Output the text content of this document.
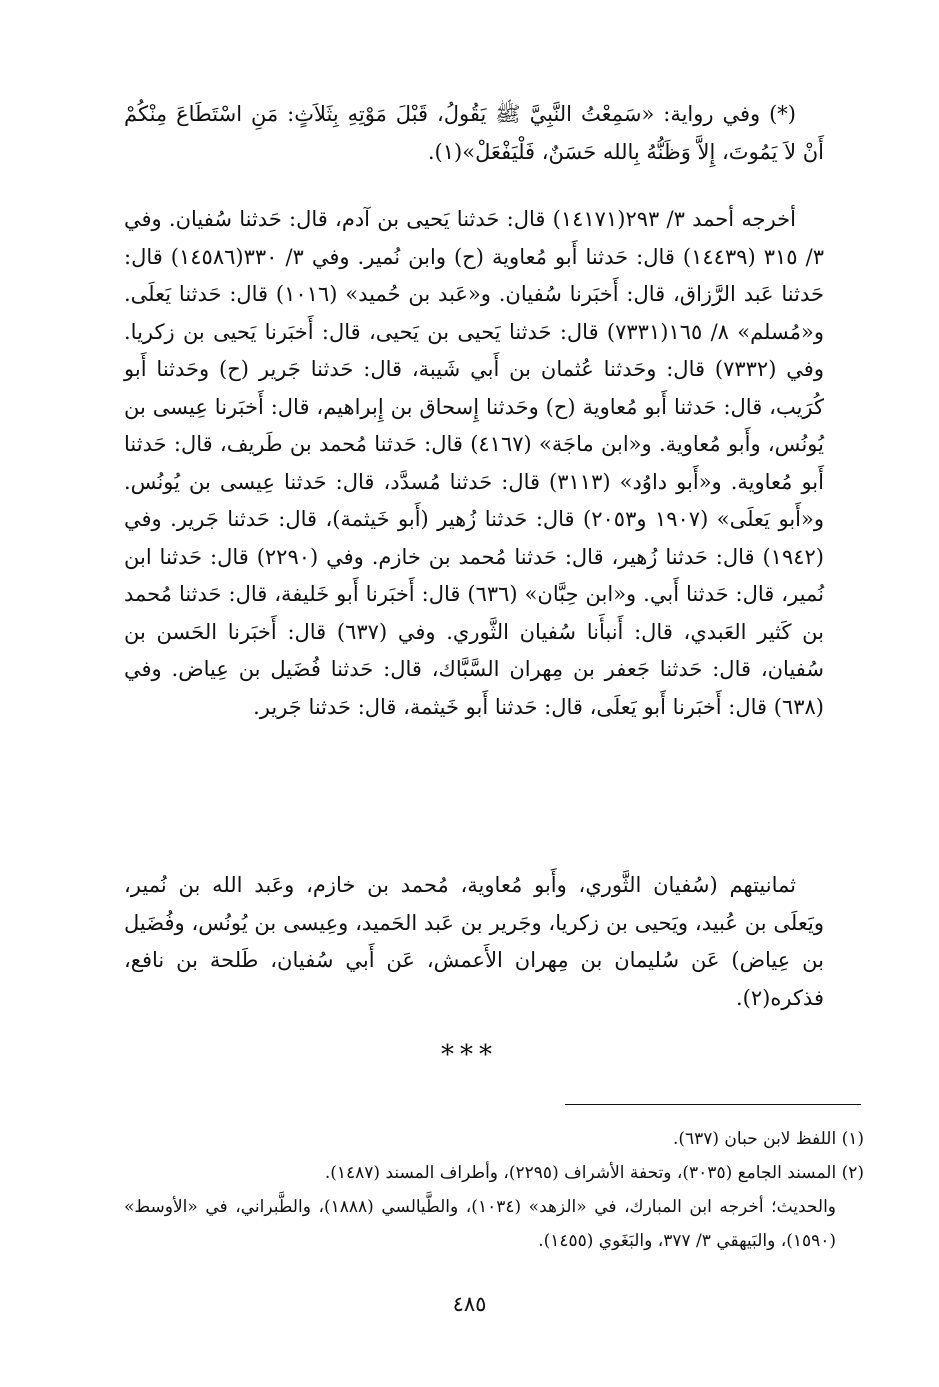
(*) وفي رواية: «سَمِعْتُ النَّبِيَّ ﷺ يَقُولُ، قَبْلَ مَوْتِهِ بِثَلاَثٍ: مَنِ اسْتَطَاعَ مِنْكُمْ أَنْ لاَ يَمُوتَ، إِلاَّ وَظَنُّهُ بِالله حَسَنٌ، فَلْيَفْعَلْ»(١).

أخرجه أحمد ٣/ ٢٩٣(١٤١٧١) قال: حَدثنا يَحيى بن آدم، قال: حَدثنا سُفيان. وفي ٣/ ٣١٥ (١٤٤٣٩) قال: حَدثنا أَبو مُعاوية (ح) وابن نُمير. وفي ٣/ ٣٣٠(١٤٥٨٦) قال: حَدثنا عَبد الرَّزاق، قال: أَخبَرنا سُفيان. و«عَبد بن حُميد» (١٠١٦) قال: حَدثنا يَعلَى. و«مُسلم» ٨/ ١٦٥(٧٣٣١) قال: حَدثنا يَحيى بن يَحيى، قال: أَخبَرنا يَحيى بن زكريا. وفي (٧٣٣٢) قال: وحَدثنا عُثمان بن أَبي شَيبة، قال: حَدثنا جَرير (ح) وحَدثنا أَبو كُرَيب، قال: حَدثنا أَبو مُعاوية (ح) وحَدثنا إِسحاق بن إِبراهيم، قال: أَخبَرنا عِيسى بن يُونُس، وأَبو مُعاوية. و«ابن ماجَة» (٤١٦٧) قال: حَدثنا مُحمد بن طَريف، قال: حَدثنا أَبو مُعاوية. و«أَبو داوُد» (٣١١٣) قال: حَدثنا مُسدَّد، قال: حَدثنا عِيسى بن يُونُس. و«أَبو يَعلَى» (١٩٠٧ و٢٠٥٣) قال: حَدثنا زُهير (أَبو خَيثمة)، قال: حَدثنا جَرير. وفي (١٩٤٢) قال: حَدثنا زُهير، قال: حَدثنا مُحمد بن خازم. وفي (٢٢٩٠) قال: حَدثنا ابن نُمير، قال: حَدثنا أَبي. و«ابن حِبَّان» (٦٣٦) قال: أَخبَرنا أَبو خَليفة، قال: حَدثنا مُحمد بن كَثير العَبدي، قال: أَنبأَنا سُفيان الثَّوري. وفي (٦٣٧) قال: أَخبَرنا الحَسن بن سُفيان، قال: حَدثنا جَعفر بن مِهران السَّبَّاك، قال: حَدثنا فُضَيل بن عِياض. وفي (٦٣٨) قال: أَخبَرنا أَبو يَعلَى، قال: حَدثنا أَبو خَيثمة، قال: حَدثنا جَرير.

ثمانيتهم (سُفيان الثَّوري، وأَبو مُعاوية، مُحمد بن خازم، وعَبد الله بن نُمير، ويَعلَى بن عُبيد، ويَحيى بن زكريا، وجَرير بن عَبد الحَميد، وعِيسى بن يُونُس، وفُضَيل بن عِياض) عَن سُليمان بن مِهران الأَعمش، عَن أَبي سُفيان، طَلحة بن نافع، فذكره(٢).

***

(١) اللفظ لابن حبان (٦٣٧).

(٢) المسند الجامع (٣٠٣٥)، وتحفة الأشراف (٢٢٩٥)، وأطراف المسند (١٤٨٧).

والحديث؛ أخرجه ابن المبارك، في «الزهد» (١٠٣٤)، والطَّيالسي (١٨٨٨)، والطَّبراني، في «الأوسط» (١٥٩٠)، والبَيهقي ٣/ ٣٧٧، والبَغَوي (١٤٥٥).

٤٨٥
